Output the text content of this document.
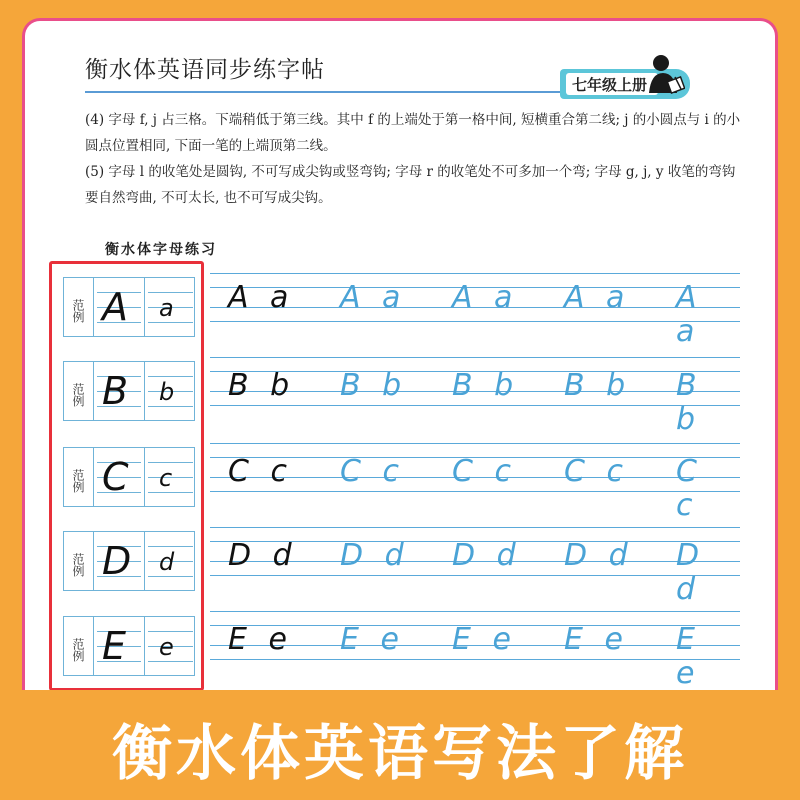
衡水体英语同步练字帖
七年级上册
(4) 字母 f, j 占三格。下端稍低于第三线。其中 f 的上端处于第一格中间, 短横重合第二线; j 的小圆点与 i 的小圆点位置相同, 下面一笔的上端顶第二线。
(5) 字母 l 的收笔处是圆钩, 不可写成尖钩或竖弯钩; 字母 r 的收笔处不可多加一个弯; 字母 g, j, y 收笔的弯钩要自然弯曲, 不可太长, 也不可写成尖钩。
衡水体字母练习
范例 A a
范例 B b
范例 C c
范例 D d
范例 E e
A a A a A a A a A a
B b B b B b B b B b
C c C c C c C c C c
D d D d D d D d D d
E e E e E e E e E e
衡水体英语写法了解
